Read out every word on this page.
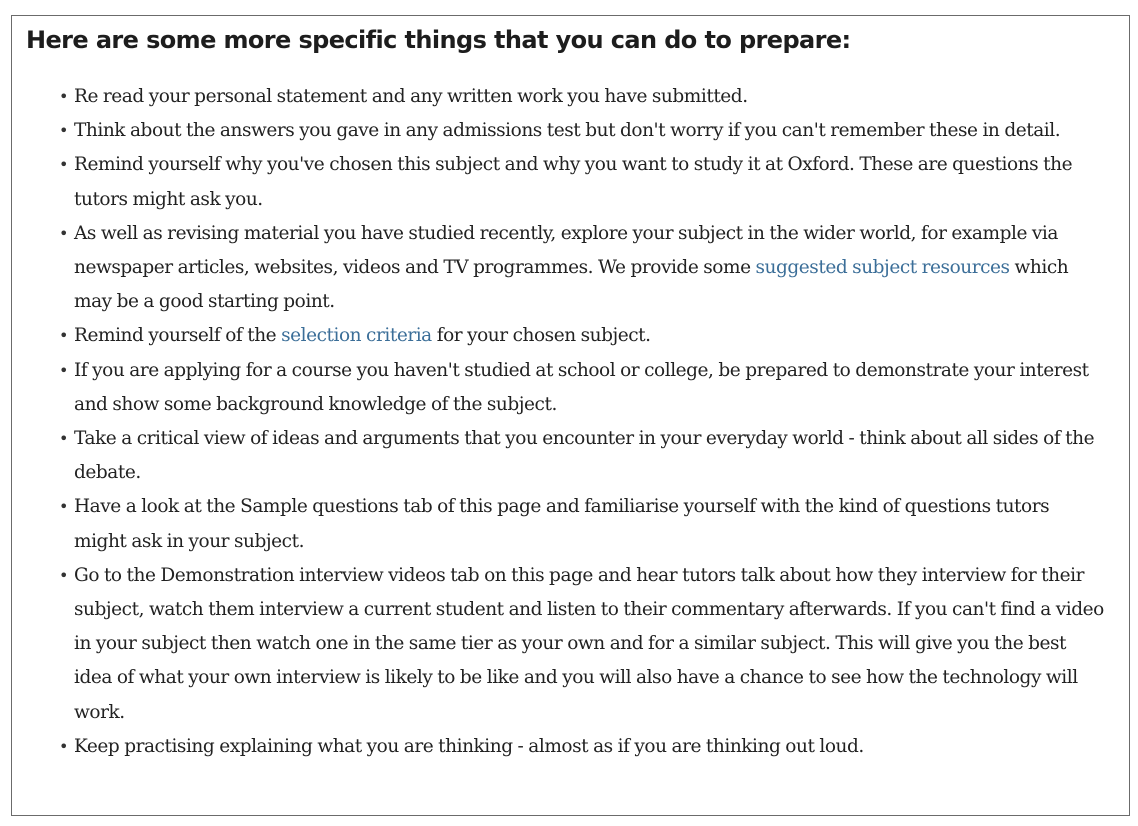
Here are some more specific things that you can do to prepare:
• Re read your personal statement and any written work you have submitted.
• Think about the answers you gave in any admissions test but don't worry if you can't remember these in detail.
• Remind yourself why you've chosen this subject and why you want to study it at Oxford. These are questions the tutors might ask you.
• As well as revising material you have studied recently, explore your subject in the wider world, for example via newspaper articles, websites, videos and TV programmes. We provide some suggested subject resources which may be a good starting point.
• Remind yourself of the selection criteria for your chosen subject.
• If you are applying for a course you haven't studied at school or college, be prepared to demonstrate your interest and show some background knowledge of the subject.
• Take a critical view of ideas and arguments that you encounter in your everyday world - think about all sides of the debate.
• Have a look at the Sample questions tab of this page and familiarise yourself with the kind of questions tutors might ask in your subject.
• Go to the Demonstration interview videos tab on this page and hear tutors talk about how they interview for their subject, watch them interview a current student and listen to their commentary afterwards. If you can't find a video in your subject then watch one in the same tier as your own and for a similar subject. This will give you the best idea of what your own interview is likely to be like and you will also have a chance to see how the technology will work.
• Keep practising explaining what you are thinking - almost as if you are thinking out loud.
